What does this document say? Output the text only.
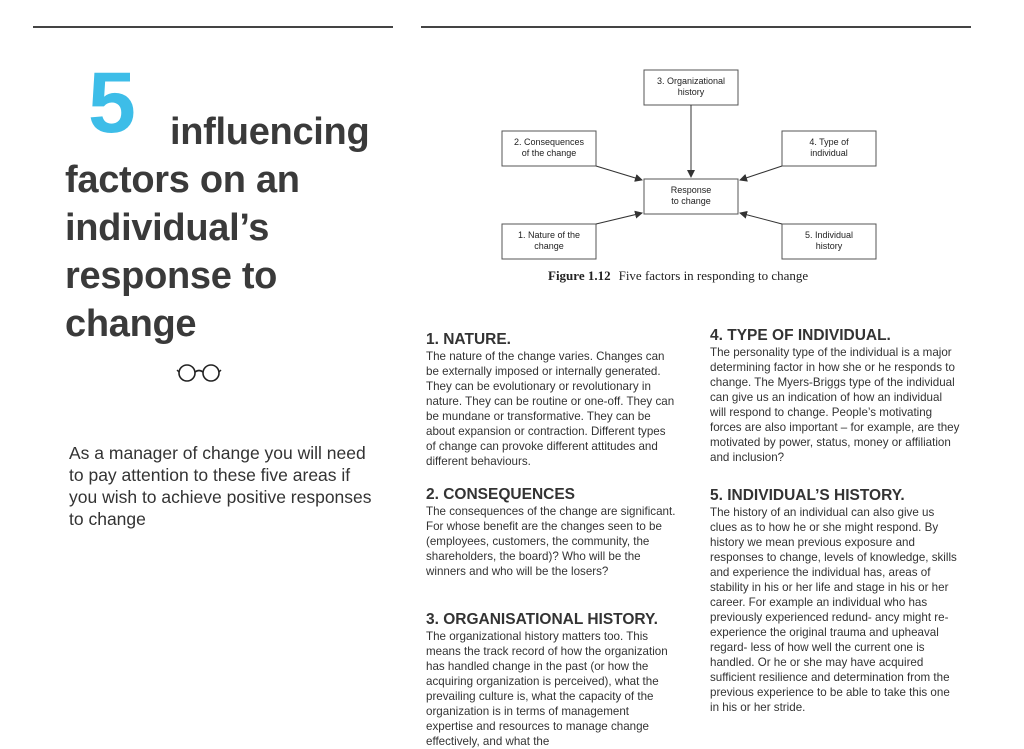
5 influencing
factors on an individual’s response to change
As a manager of change you will need to pay attention to these five areas if you wish to achieve positive responses to change
3. Organizational
history
2. Consequences
of the change
4. Type of
individual
Response
to change
1. Nature of the
change
5. Individual
history
Figure 1.12 Five factors in responding to change
1. NATURE.

The nature of the change varies. Changes can be externally imposed or internally generated. They can be evolutionary or revolutionary in nature. They can be routine or one-off. They can be mundane or transformative. They can be about expansion or contraction. Different types of change can provoke different attitudes and different behaviours.

2. CONSEQUENCES

The consequences of the change are significant. For whose benefit are the changes seen to be (employees, customers, the community, the shareholders, the board)? Who will be the winners and who will be the losers?

3. ORGANISATIONAL HISTORY.

The organizational history matters too. This means the track record of how the organization has handled change in the past (or how the acquiring organization is perceived), what the prevailing culture is, what the capacity of the organization is in terms of management expertise and resources to manage change effectively, and what the

4. TYPE OF INDIVIDUAL.

The personality type of the individual is a major determining factor in how she or he responds to change. The Myers-Briggs type of the individual can give us an indication of how an individual will respond to change. People’s motivating forces are also important – for example, are they motivated by power, status, money or affiliation and inclusion?

5. INDIVIDUAL’S HISTORY.

The history of an individual can also give us clues as to how he or she might respond. By history we mean previous exposure and responses to change, levels of knowledge, skills and experience the individual has, areas of stability in his or her life and stage in his or her career. For example an individual who has previously experienced redund- ancy might re-experience the original trauma and upheaval regard- less of how well the current one is handled. Or he or she may have acquired sufficient resilience and determination from the previous experience to be able to take this one in his or her stride.
